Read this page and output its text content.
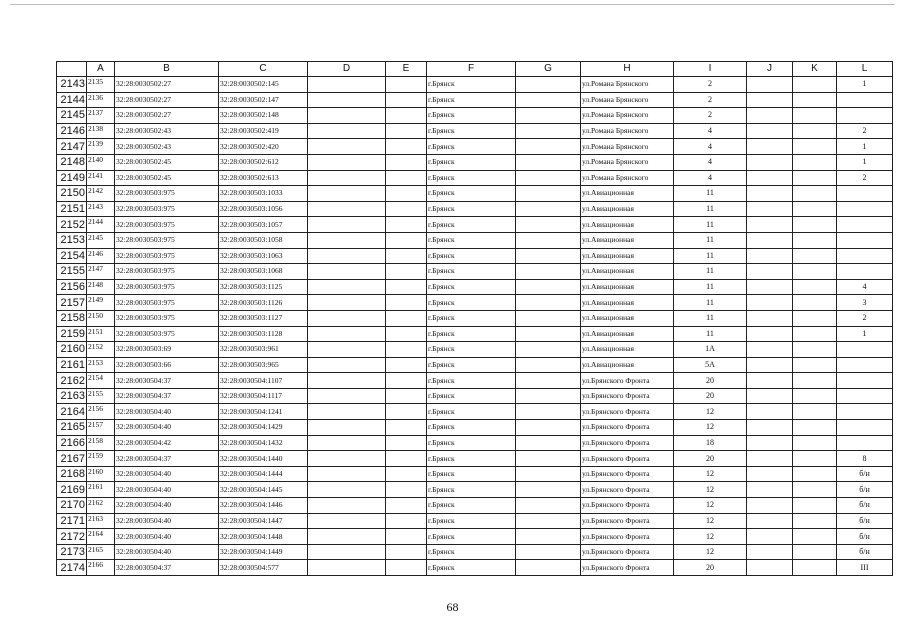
	A	B	C	D	E	F	G	H	I	J	K	L
2143	2135	32:28:0030502:27	32:28:0030502:145			г.Брянск		ул.Романа Брянского	2			1
2144	2136	32:28:0030502:27	32:28:0030502:147			г.Брянск		ул.Романа Брянского	2			
2145	2137	32:28:0030502:27	32:28:0030502:148			г.Брянск		ул.Романа Брянского	2			
2146	2138	32:28:0030502:43	32:28:0030502:419			г.Брянск		ул.Романа Брянского	4			2
2147	2139	32:28:0030502:43	32:28:0030502:420			г.Брянск		ул.Романа Брянского	4			1
2148	2140	32:28:0030502:45	32:28:0030502:612			г.Брянск		ул.Романа Брянского	4			1
2149	2141	32:28:0030502:45	32:28:0030502:613			г.Брянск		ул.Романа Брянского	4			2
2150	2142	32:28:0030503:975	32:28:0030503:1033			г.Брянск		ул.Авиационная	11			
2151	2143	32:28:0030503:975	32:28:0030503:1056			г.Брянск		ул.Авиационная	11			
2152	2144	32:28:0030503:975	32:28:0030503:1057			г.Брянск		ул.Авиационная	11			
2153	2145	32:28:0030503:975	32:28:0030503:1058			г.Брянск		ул.Авиационная	11			
2154	2146	32:28:0030503:975	32:28:0030503:1063			г.Брянск		ул.Авиационная	11			
2155	2147	32:28:0030503:975	32:28:0030503:1068			г.Брянск		ул.Авиационная	11			
2156	2148	32:28:0030503:975	32:28:0030503:1125			г.Брянск		ул.Авиационная	11			4
2157	2149	32:28:0030503:975	32:28:0030503:1126			г.Брянск		ул.Авиационная	11			3
2158	2150	32:28:0030503:975	32:28:0030503:1127			г.Брянск		ул.Авиационная	11			2
2159	2151	32:28:0030503:975	32:28:0030503:1128			г.Брянск		ул.Авиационная	11			1
2160	2152	32:28:0030503:69	32:28:0030503:961			г.Брянск		ул.Авиационная	1А			
2161	2153	32:28:0030503:66	32:28:0030503:965			г.Брянск		ул.Авиационная	5А			
2162	2154	32:28:0030504:37	32:28:0030504:1107			г.Брянск		ул.Брянского Фронта	20			
2163	2155	32:28:0030504:37	32:28:0030504:1117			г.Брянск		ул.Брянского Фронта	20			
2164	2156	32:28:0030504:40	32:28:0030504:1241			г.Брянск		ул.Брянского Фронта	12			
2165	2157	32:28:0030504:40	32:28:0030504:1429			г.Брянск		ул.Брянского Фронта	12			
2166	2158	32:28:0030504:42	32:28:0030504:1432			г.Брянск		ул.Брянского Фронта	18			
2167	2159	32:28:0030504:37	32:28:0030504:1440			г.Брянск		ул.Брянского Фронта	20			8
2168	2160	32:28:0030504:40	32:28:0030504:1444			г.Брянск		ул.Брянского Фронта	12			б/н
2169	2161	32:28:0030504:40	32:28:0030504:1445			г.Брянск		ул.Брянского Фронта	12			б/н
2170	2162	32:28:0030504:40	32:28:0030504:1446			г.Брянск		ул.Брянского Фронта	12			б/н
2171	2163	32:28:0030504:40	32:28:0030504:1447			г.Брянск		ул.Брянского Фронта	12			б/н
2172	2164	32:28:0030504:40	32:28:0030504:1448			г.Брянск		ул.Брянского Фронта	12			б/н
2173	2165	32:28:0030504:40	32:28:0030504:1449			г.Брянск		ул.Брянского Фронта	12			б/н
2174	2166	32:28:0030504:37	32:28:0030504:577			г.Брянск		ул.Брянского Фронта	20			III
68
